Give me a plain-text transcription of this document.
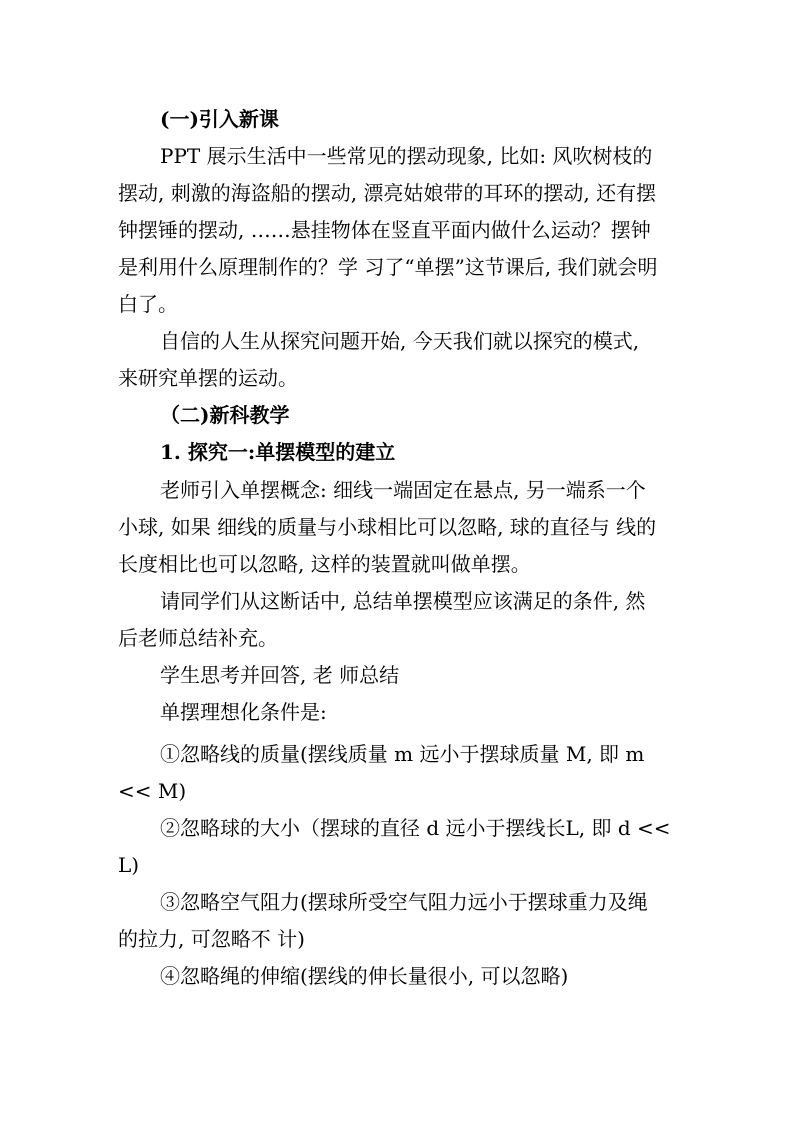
(一)引入新课
PPT 展示生活中一些常见的摆动现象, 比如: 风吹树枝的
摆动, 刺激的海盗船的摆动, 漂亮姑娘带的耳环的摆动, 还有摆
钟摆锤的摆动, ……悬挂物体在竖直平面内做什么运动？摆钟
是利用什么原理制作的？学 习了“单摆”这节课后, 我们就会明
白了。
自信的人生从探究问题开始, 今天我们就以探究的模式,
来研究单摆的运动。
（二)新科教学
1. 探究一:单摆模型的建立
老师引入单摆概念: 细线一端固定在悬点, 另一端系一个
小球, 如果 细线的质量与小球相比可以忽略, 球的直径与 线的
长度相比也可以忽略, 这样的装置就叫做单摆。
请同学们从这断话中, 总结单摆模型应该满足的条件, 然
后老师总结补充。
学生思考并回答, 老 师总结
单摆理想化条件是:
①忽略线的质量(摆线质量 m 远小于摆球质量 M, 即 m
<< M)
②忽略球的大小（摆球的直径 d 远小于摆线长L, 即 d <<
L)
③忽略空气阻力(摆球所受空气阻力远小于摆球重力及绳
的拉力, 可忽略不 计)
④忽略绳的伸缩(摆线的伸长量很小, 可以忽略)
